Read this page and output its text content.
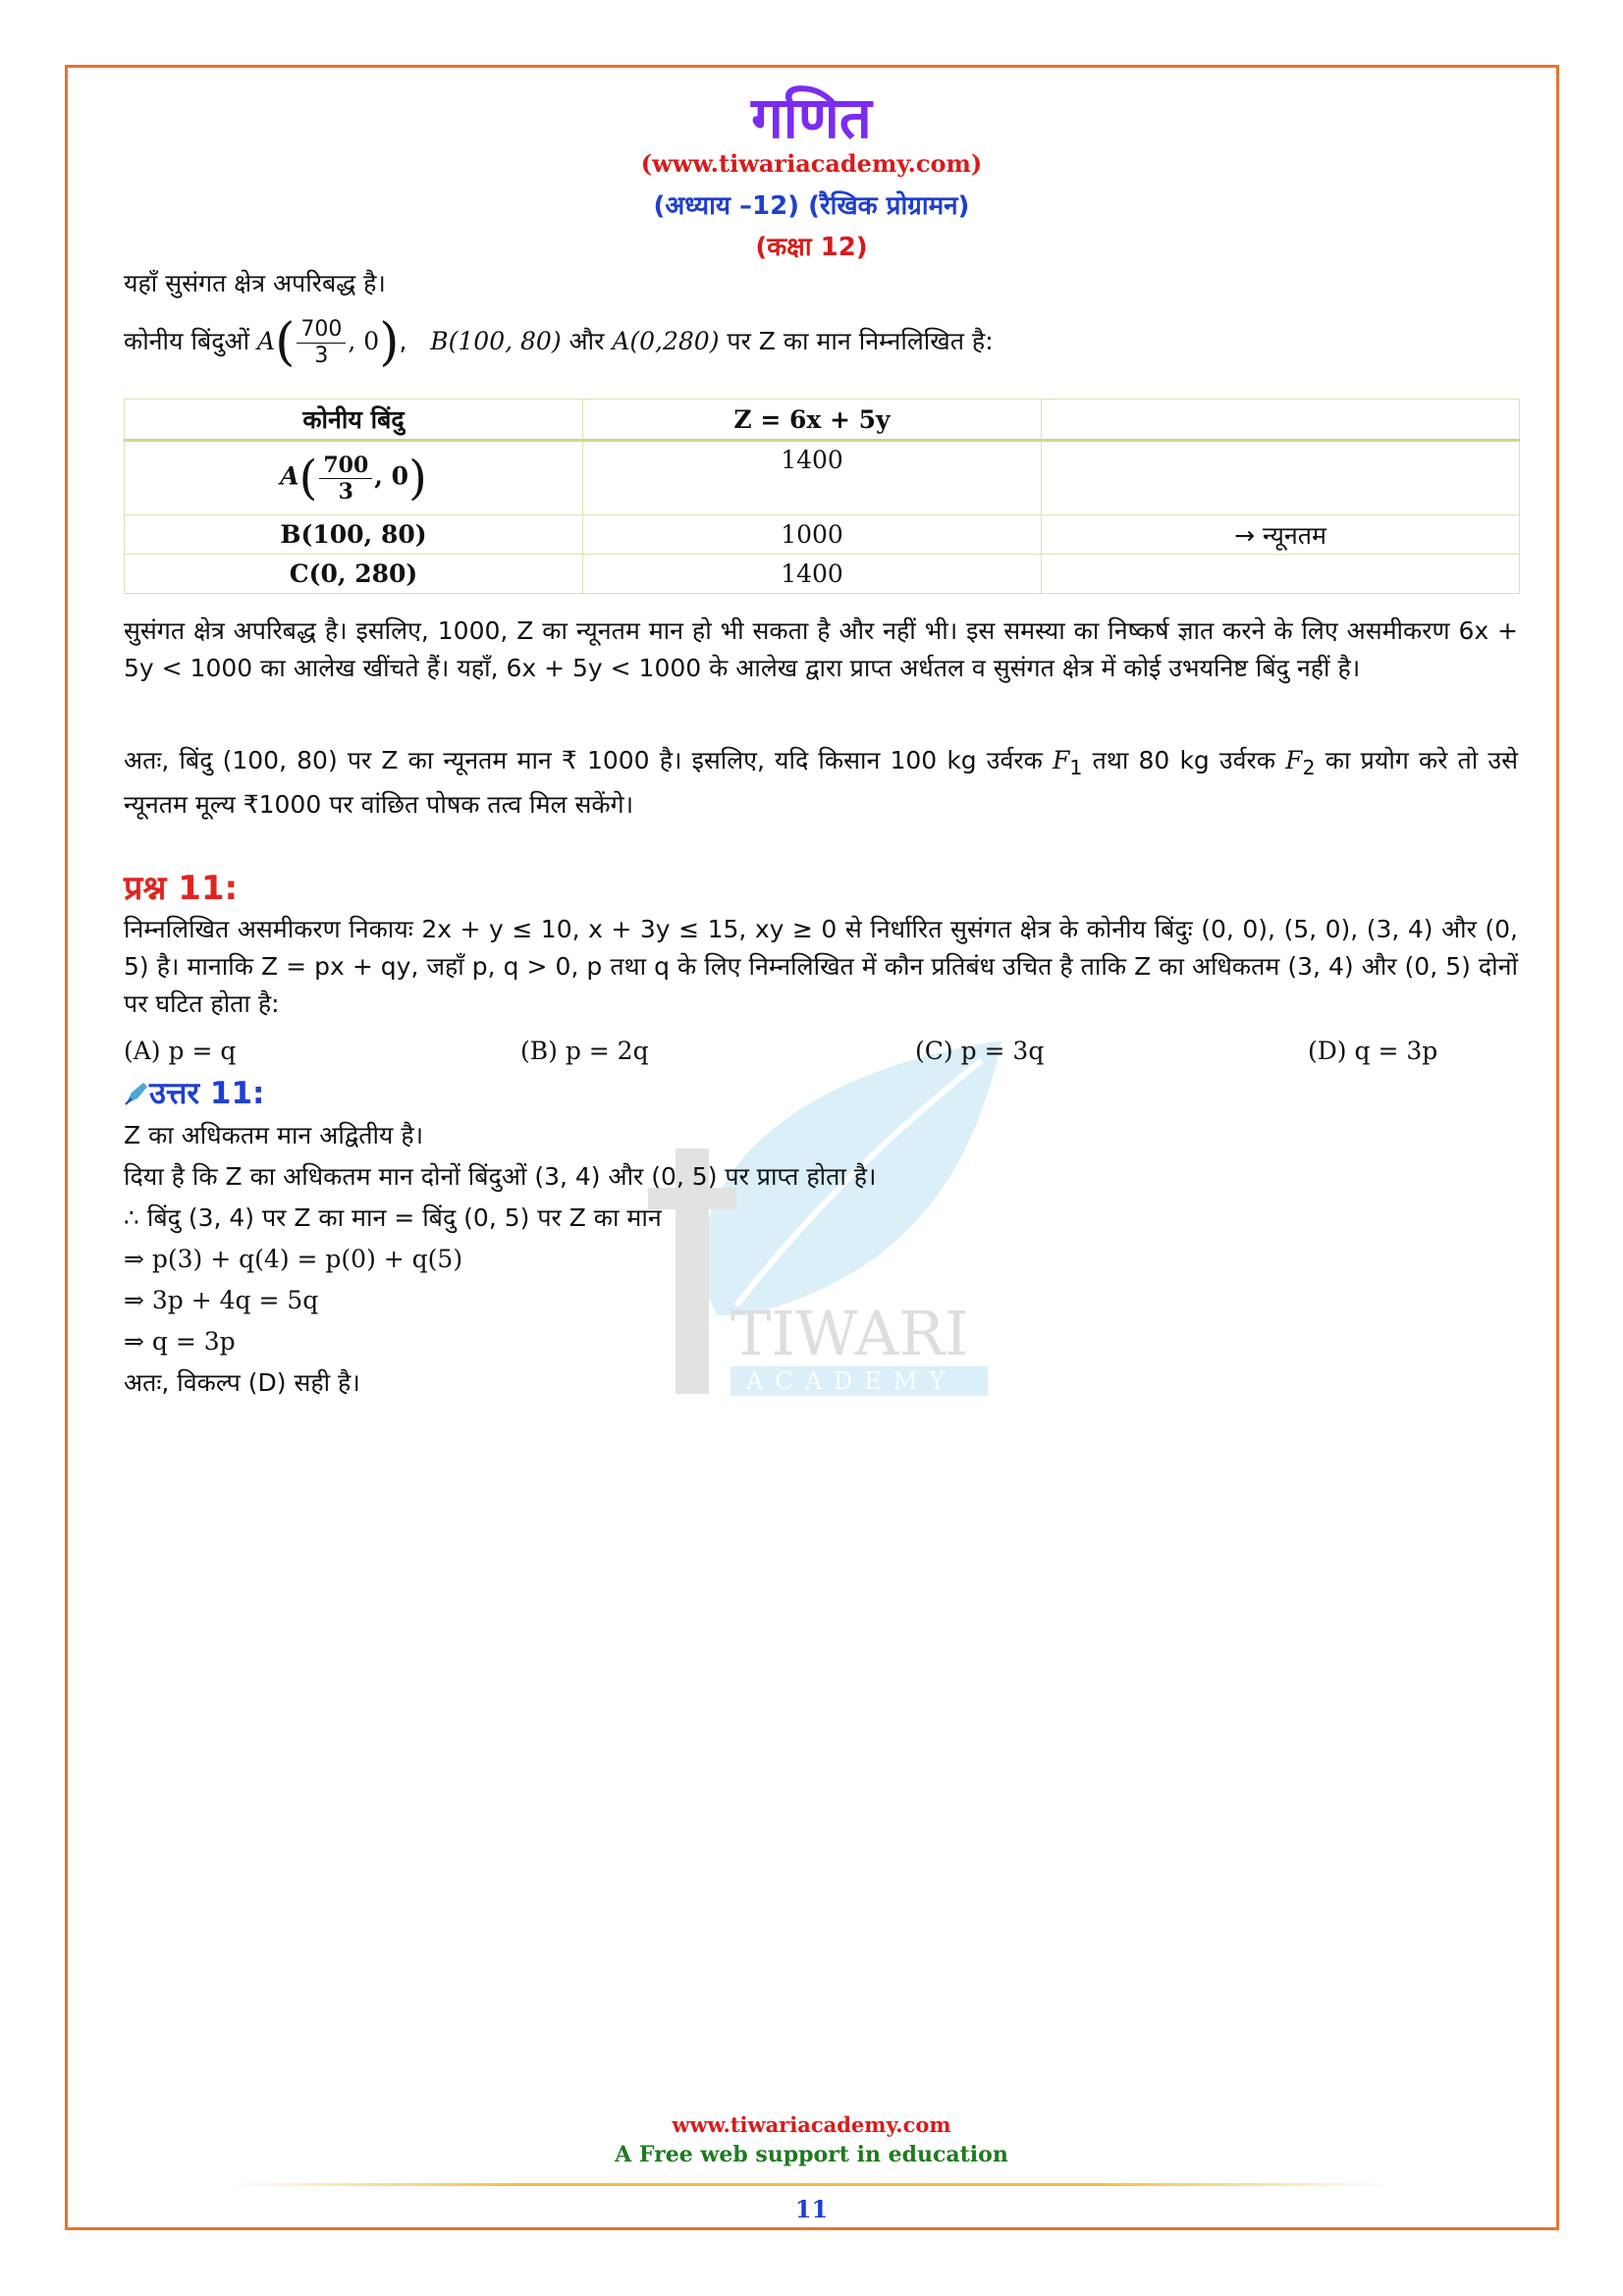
TIWARI
ACADEMY
गणित
(www.tiwariacademy.com)
(अध्याय –12) (रैखिक प्रोग्रामन)
(कक्षा 12)
यहाँ सुसंगत क्षेत्र अपरिबद्ध है।
कोनीय बिंदुओं $A( \frac{700}{3}$ , 0),   B(100, 80) और A(0,280) पर Z का मान निम्नलिखित है:
कोनीय बिंदु	Z = 6x + 5y	
$A( \frac{700}{3}$ , 0)	1400	
B(100, 80)	1000	→ न्यूनतम
C(0, 280)	1400	
सुसंगत क्षेत्र अपरिबद्ध है। इसलिए, 1000, Z का न्यूनतम मान हो भी सकता है और नहीं भी। इस समस्या का निष्कर्ष ज्ञात करने के लिए असमीकरण 6x + 5y < 1000 का आलेख खींचते हैं। यहाँ, 6x + 5y < 1000 के आलेख द्वारा प्राप्त अर्धतल व सुसंगत क्षेत्र में कोई उभयनिष्ट बिंदु नहीं है।
अतः, बिंदु (100, 80) पर Z का न्यूनतम मान ₹ 1000 है। इसलिए, यदि किसान 100 kg उर्वरक $F_1$ तथा 80 kg उर्वरक $F_2$ का प्रयोग करे तो उसे न्यूनतम मूल्य ₹1000 पर वांछित पोषक तत्व मिल सकेंगे।
प्रश्न 11:
निम्नलिखित असमीकरण निकायः 2x + y ≤ 10, x + 3y ≤ 15, xy ≥ 0 से निर्धारित सुसंगत क्षेत्र के कोनीय बिंदुः (0, 0), (5, 0), (3, 4) और (0, 5) है। मानाकि Z = px + qy, जहाँ p, q > 0, p तथा q के लिए निम्नलिखित में कौन प्रतिबंध उचित है ताकि Z का अधिकतम (3, 4) और (0, 5) दोनों पर घटित होता है:
(A) p = q	(B) p = 2q	(C) p = 3q	(D) q = 3p
उत्तर 11:
Z का अधिकतम मान अद्वितीय है।
दिया है कि Z का अधिकतम मान दोनों बिंदुओं (3, 4) और (0, 5) पर प्राप्त होता है।
∴ बिंदु (3, 4) पर Z का मान = बिंदु (0, 5) पर Z का मान
⇒ p(3) + q(4) = p(0) + q(5)
⇒ 3p + 4q = 5q
⇒ q = 3p
अतः, विकल्प (D) सही है।
www.tiwariacademy.com
A Free web support in education
11
